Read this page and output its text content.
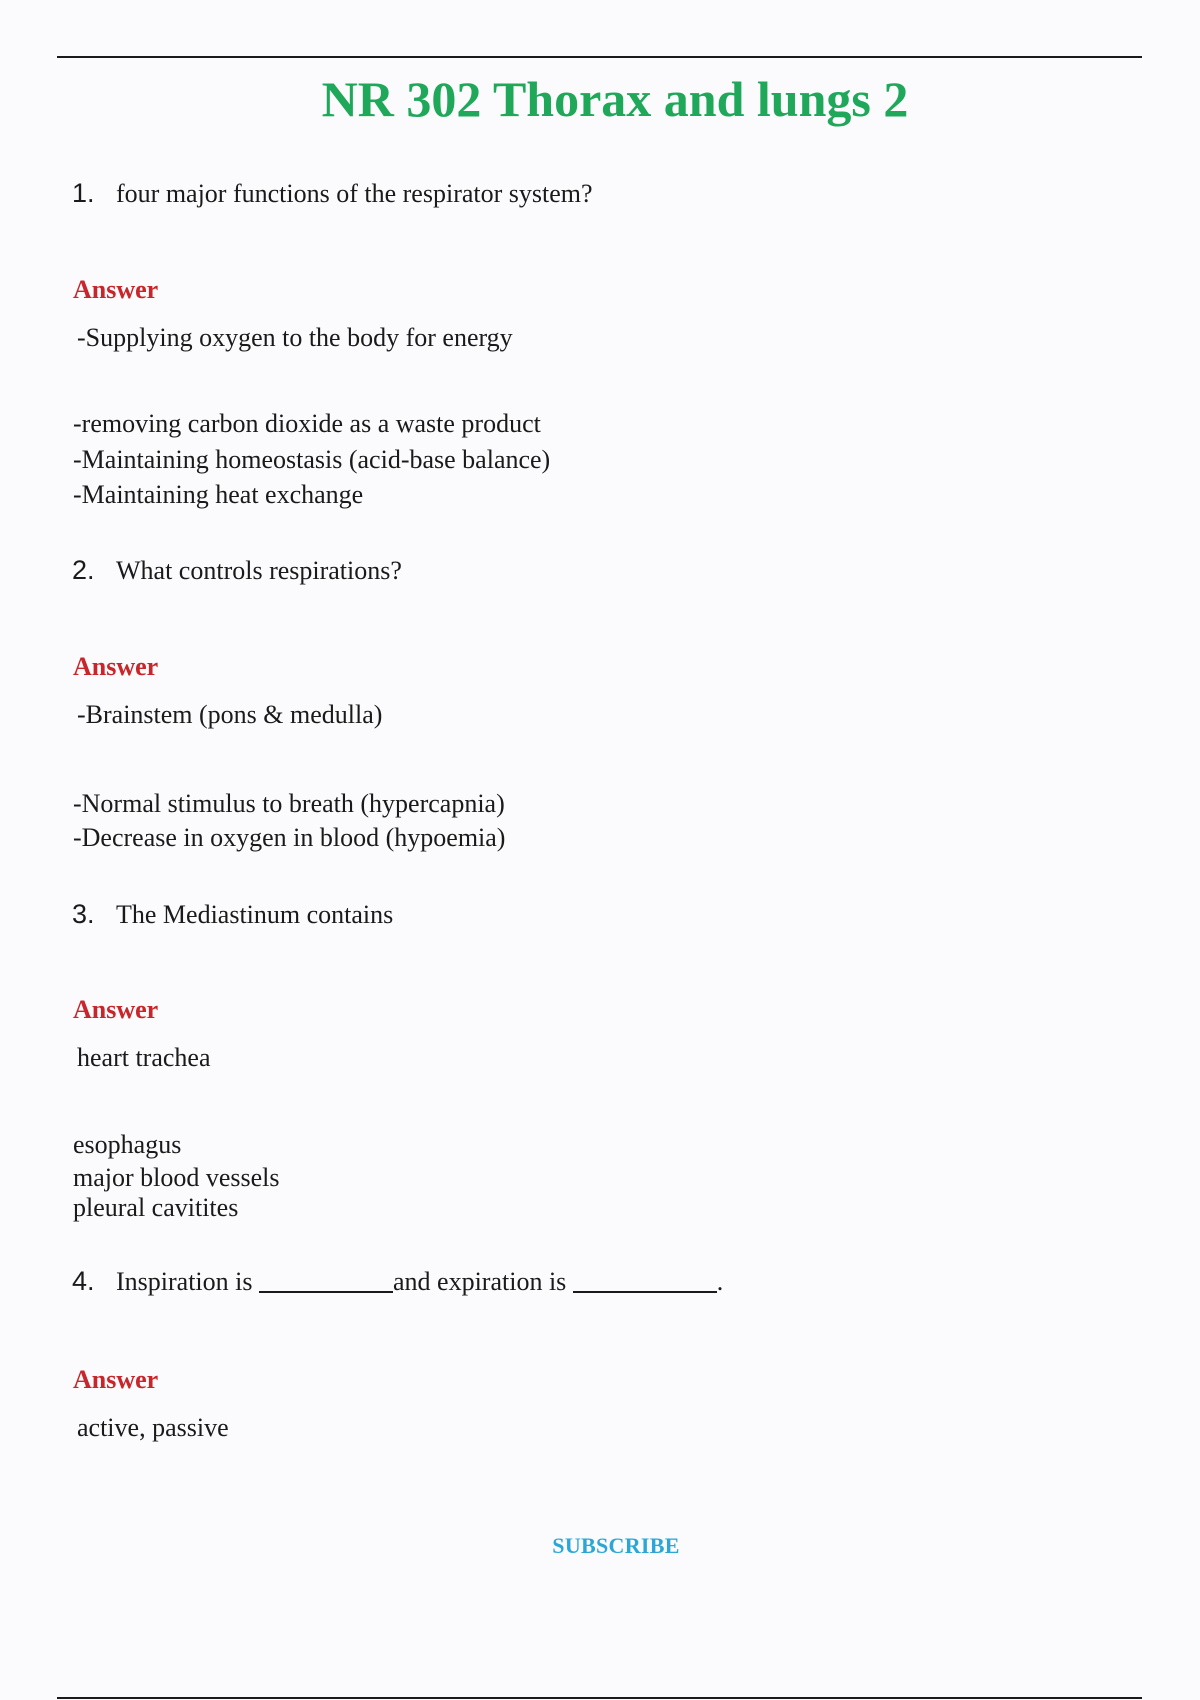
NR 302 Thorax and lungs 2
1. four major functions of the respirator system?
Answer
-Supplying oxygen to the body for energy
-removing carbon dioxide as a waste product
-Maintaining homeostasis (acid-base balance)
-Maintaining heat exchange
2. What controls respirations?
Answer
-Brainstem (pons & medulla)
-Normal stimulus to breath (hypercapnia)
-Decrease in oxygen in blood (hypoemia)
3. The Mediastinum contains
Answer
heart trachea
esophagus
major blood vessels
pleural cavitites
4. Inspiration is	and expiration is	.
Answer
active, passive
SUBSCRIBE
